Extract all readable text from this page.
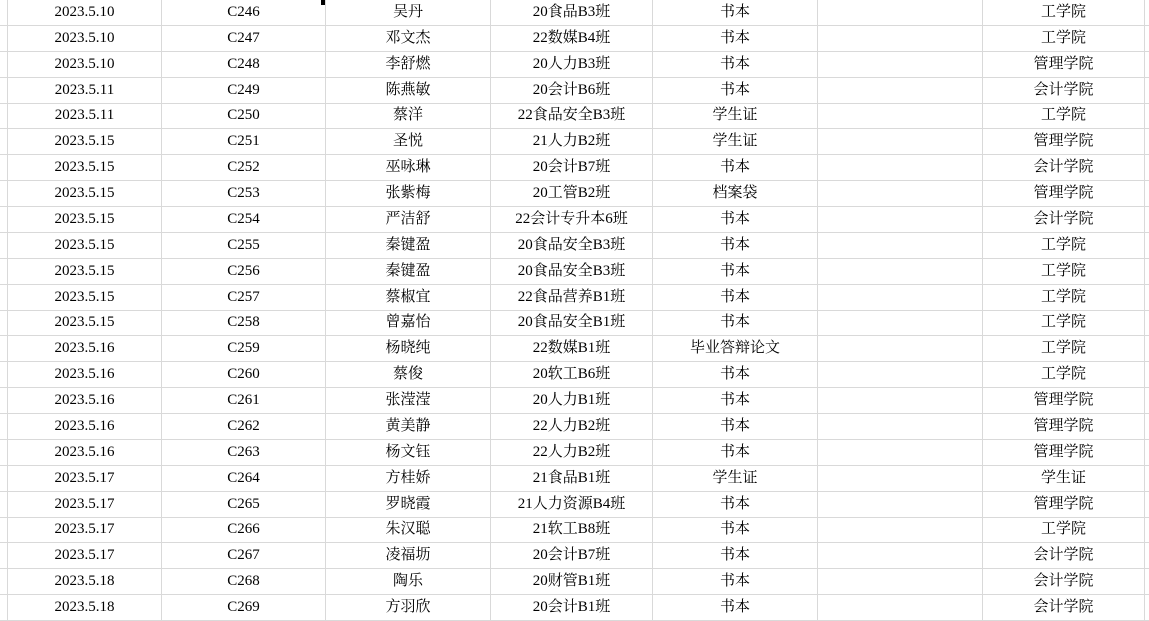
2023.5.10	C246	吴丹	20食品B3班	书本	工学院
2023.5.10	C247	邓文杰	22数媒B4班	书本	工学院
2023.5.10	C248	李舒燃	20人力B3班	书本	管理学院
2023.5.11	C249	陈燕敏	20会计B6班	书本	会计学院
2023.5.11	C250	蔡洋	22食品安全B3班	学生证	工学院
2023.5.15	C251	圣悦	21人力B2班	学生证	管理学院
2023.5.15	C252	巫咏琳	20会计B7班	书本	会计学院
2023.5.15	C253	张紫梅	20工管B2班	档案袋	管理学院
2023.5.15	C254	严洁舒	22会计专升本6班	书本	会计学院
2023.5.15	C255	秦键盈	20食品安全B3班	书本	工学院
2023.5.15	C256	秦键盈	20食品安全B3班	书本	工学院
2023.5.15	C257	蔡椒宜	22食品营养B1班	书本	工学院
2023.5.15	C258	曾嘉怡	20食品安全B1班	书本	工学院
2023.5.16	C259	杨晓纯	22数媒B1班	毕业答辩论文	工学院
2023.5.16	C260	蔡俊	20软工B6班	书本	工学院
2023.5.16	C261	张滢滢	20人力B1班	书本	管理学院
2023.5.16	C262	黄美静	22人力B2班	书本	管理学院
2023.5.16	C263	杨文钰	22人力B2班	书本	管理学院
2023.5.17	C264	方桂娇	21食品B1班	学生证	学生证
2023.5.17	C265	罗晓霞	21人力资源B4班	书本	管理学院
2023.5.17	C266	朱汉聪	21软工B8班	书本	工学院
2023.5.17	C267	凌福坜	20会计B7班	书本	会计学院
2023.5.18	C268	陶乐	20财管B1班	书本	会计学院
2023.5.18	C269	方羽欣	20会计B1班	书本	会计学院
